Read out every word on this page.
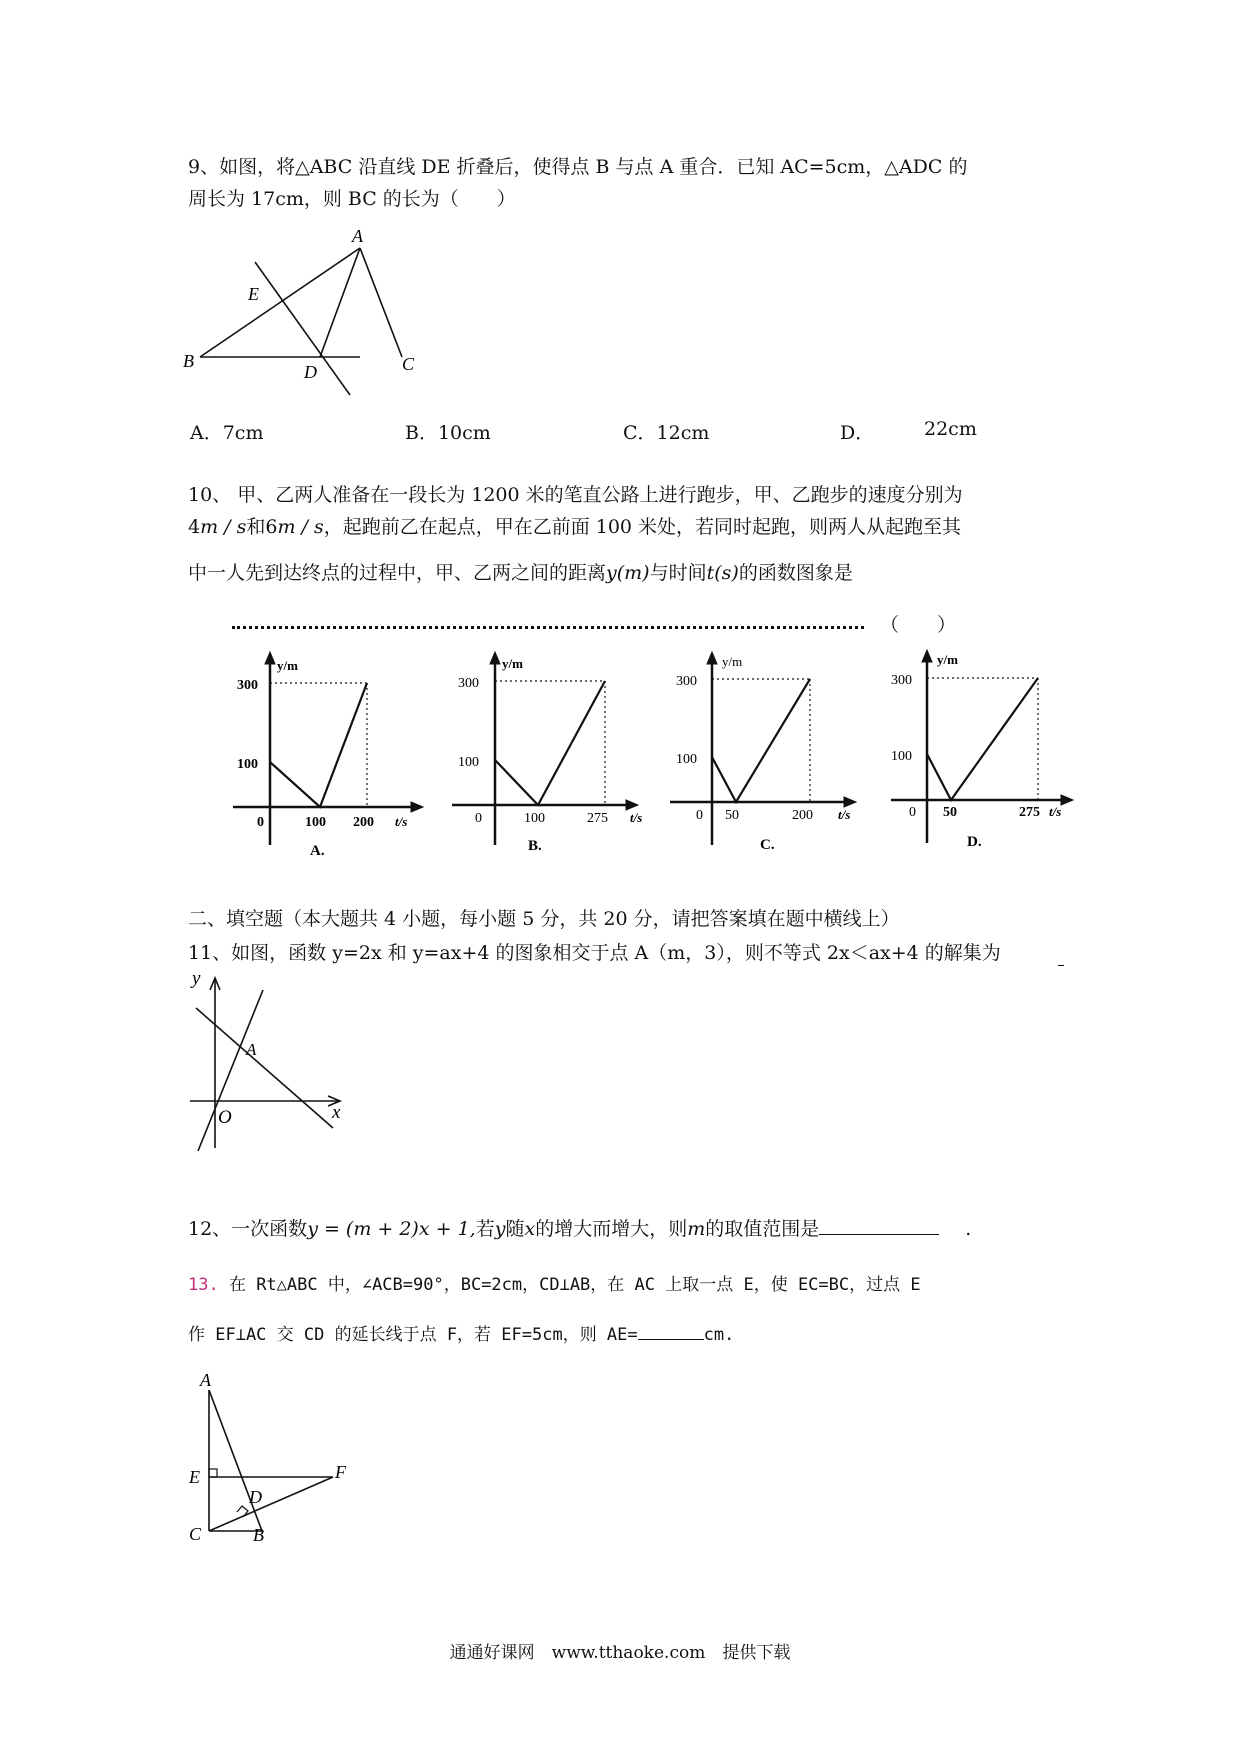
9、如图，将△ABC 沿直线 DE 折叠后，使得点 B 与点 A 重合．已知 AC=5cm，△ADC 的
周长为 17cm，则 BC 的长为（　　）
A
B	C
D
E
A．7cm	B．10cm	C．12cm	D．	22cm
10、 甲、乙两人准备在一段长为 1200 米的笔直公路上进行跑步，甲、乙跑步的速度分别为
4m / s和6m / s，起跑前乙在起点，甲在乙前面 100 米处，若同时起跑，则两人从起跑至其
中一人先到达终点的过程中，甲、乙两之间的距离y(m)与时间t(s)的函数图象是
（　　）
y/m
300
100
0	100 200 t/s
A.
y/m
300
100
0	100	275 t/s
B.
y/m
300
100
0 50	200 t/s
C.
y/m
300
100
0 50	275 t/s
D.
二、填空题（本大题共 4 小题，每小题 5 分，共 20 分，请把答案填在题中横线上）
11、如图，函数 y=2x 和 y=ax+4 的图象相交于点 A（m，3），则不等式 2x＜ax+4 的解集为
y
x
O
A
12、一次函数y = (m + 2)x + 1,若y随x的增大而增大，则m的取值范围是	.
13. 在 Rt△ABC 中，∠ACB=90°，BC=2cm，CD⊥AB，在 AC 上取一点 E，使 EC=BC，过点 E
作 EF⊥AC 交 CD 的延长线于点 F，若 EF=5cm，则 AE=	cm.
A
E
C	B
D
F
通通好课网　www.tthaoke.com　提供下载
